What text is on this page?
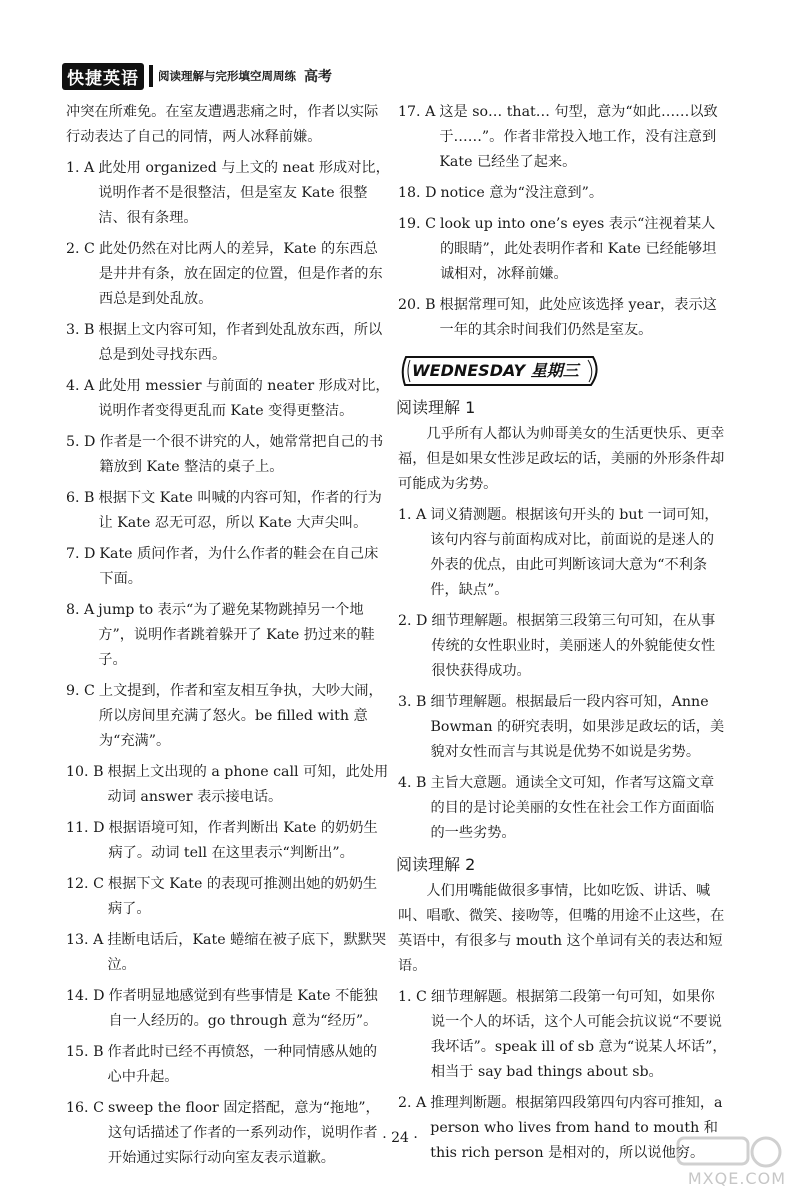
快捷英语	阅读理解与完形填空周周练 高考
冲突在所难免。在室友遭遇悲痛之时，作者以实际行动表达了自己的同情，两人冰释前嫌。
1. A 此处用 organized 与上文的 neat 形成对比，说明作者不是很整洁，但是室友 Kate 很整洁、很有条理。
2. C 此处仍然在对比两人的差异，Kate 的东西总是井井有条，放在固定的位置，但是作者的东西总是到处乱放。
3. B 根据上文内容可知，作者到处乱放东西，所以总是到处寻找东西。
4. A 此处用 messier 与前面的 neater 形成对比，说明作者变得更乱而 Kate 变得更整洁。
5. D 作者是一个很不讲究的人，她常常把自己的书籍放到 Kate 整洁的桌子上。
6. B 根据下文 Kate 叫喊的内容可知，作者的行为让 Kate 忍无可忍，所以 Kate 大声尖叫。
7. D Kate 质问作者，为什么作者的鞋会在自己床下面。
8. A jump to 表示“为了避免某物跳掉另一个地方”，说明作者跳着躲开了 Kate 扔过来的鞋子。
9. C 上文提到，作者和室友相互争执，大吵大闹，所以房间里充满了怒火。be filled with 意为“充满”。
10. B 根据上文出现的 a phone call 可知，此处用动词 answer 表示接电话。
11. D 根据语境可知，作者判断出 Kate 的奶奶生病了。动词 tell 在这里表示“判断出”。
12. C 根据下文 Kate 的表现可推测出她的奶奶生病了。
13. A 挂断电话后，Kate 蜷缩在被子底下，默默哭泣。
14. D 作者明显地感觉到有些事情是 Kate 不能独自一人经历的。go through 意为“经历”。
15. B 作者此时已经不再愤怒，一种同情感从她的心中升起。
16. C sweep the floor 固定搭配，意为“拖地”，这句话描述了作者的一系列动作，说明作者开始通过实际行动向室友表示道歉。
17. A 这是 so… that… 句型，意为“如此……以致于……”。作者非常投入地工作，没有注意到 Kate 已经坐了起来。
18. D notice 意为“没注意到”。
19. C look up into one’s eyes 表示“注视着某人的眼睛”，此处表明作者和 Kate 已经能够坦诚相对，冰释前嫌。
20. B 根据常理可知，此处应该选择 year，表示这一年的其余时间我们仍然是室友。
WEDNESDAY 星期三
阅读理解 1
几乎所有人都认为帅哥美女的生活更快乐、更幸福，但是如果女性涉足政坛的话，美丽的外形条件却可能成为劣势。
1. A 词义猜测题。根据该句开头的 but 一词可知，该句内容与前面构成对比，前面说的是迷人的外表的优点，由此可判断该词大意为“不利条件，缺点”。
2. D 细节理解题。根据第三段第三句可知，在从事传统的女性职业时，美丽迷人的外貌能使女性很快获得成功。
3. B 细节理解题。根据最后一段内容可知，Anne Bowman 的研究表明，如果涉足政坛的话，美貌对女性而言与其说是优势不如说是劣势。
4. B 主旨大意题。通读全文可知，作者写这篇文章的目的是讨论美丽的女性在社会工作方面面临的一些劣势。
阅读理解 2
人们用嘴能做很多事情，比如吃饭、讲话、喊叫、唱歌、微笑、接吻等，但嘴的用途不止这些，在英语中，有很多与 mouth 这个单词有关的表达和短语。
1. C 细节理解题。根据第二段第一句可知，如果你说一个人的坏话，这个人可能会抗议说“不要说我坏话”。speak ill of sb 意为“说某人坏话”，相当于 say bad things about sb。
2. A 推理判断题。根据第四段第四句内容可推知，a person who lives from hand to mouth 和 this rich person 是相对的，所以说他穷。
· 24 ·
MXQE.COM
